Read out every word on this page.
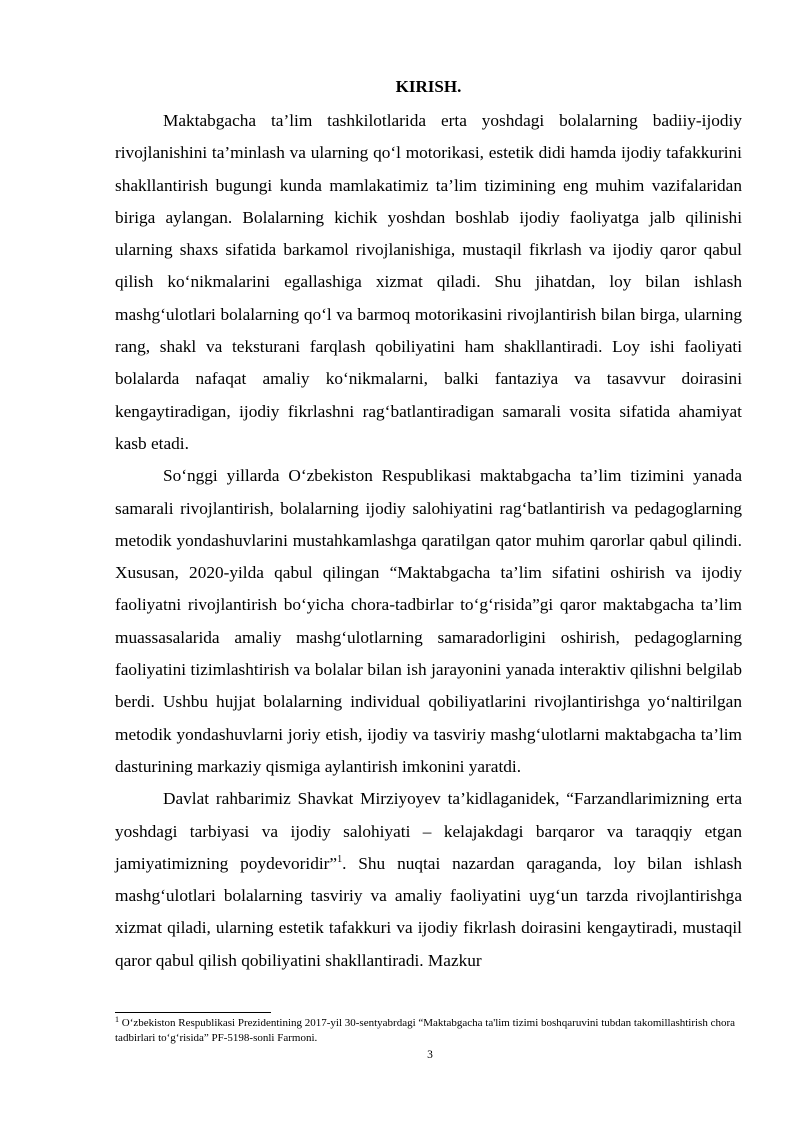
KIRISH.

Maktabgacha ta’lim tashkilotlarida erta yoshdagi bolalarning badiiy-ijodiy rivojlanishini ta’minlash va ularning qo‘l motorikasi, estetik didi hamda ijodiy tafakkurini shakllantirish bugungi kunda mamlakatimiz ta’lim tizimining eng muhim vazifalaridan biriga aylangan. Bolalarning kichik yoshdan boshlab ijodiy faoliyatga jalb qilinishi ularning shaxs sifatida barkamol rivojlanishiga, mustaqil fikrlash va ijodiy qaror qabul qilish ko‘nikmalarini egallashiga xizmat qiladi. Shu jihatdan, loy bilan ishlash mashg‘ulotlari bolalarning qo‘l va barmoq motorikasini rivojlantirish bilan birga, ularning rang, shakl va teksturani farqlash qobiliyatini ham shakllantiradi. Loy ishi faoliyati bolalarda nafaqat amaliy ko‘nikmalarni, balki fantaziya va tasavvur doirasini kengaytiradigan, ijodiy fikrlashni rag‘batlantiradigan samarali vosita sifatida ahamiyat kasb etadi.

So‘nggi yillarda O‘zbekiston Respublikasi maktabgacha ta’lim tizimini yanada samarali rivojlantirish, bolalarning ijodiy salohiyatini rag‘batlantirish va pedagoglarning metodik yondashuvlarini mustahkamlashga qaratilgan qator muhim qarorlar qabul qilindi. Xususan, 2020-yilda qabul qilingan “Maktabgacha ta’lim sifatini oshirish va ijodiy faoliyatni rivojlantirish bo‘yicha chora-tadbirlar to‘g‘risida”gi qaror maktabgacha ta’lim muassasalarida amaliy mashg‘ulotlarning samaradorligini oshirish, pedagoglarning faoliyatini tizimlashtirish va bolalar bilan ish jarayonini yanada interaktiv qilishni belgilab berdi. Ushbu hujjat bolalarning individual qobiliyatlarini rivojlantirishga yo‘naltirilgan metodik yondashuvlarni joriy etish, ijodiy va tasviriy mashg‘ulotlarni maktabgacha ta’lim dasturining markaziy qismiga aylantirish imkonini yaratdi.

Davlat rahbarimiz Shavkat Mirziyoyev ta’kidlaganidek, “Farzandlarimizning erta yoshdagi tarbiyasi va ijodiy salohiyati – kelajakdagi barqaror va taraqqiy etgan jamiyatimizning poydevoridir”$^1$. Shu nuqtai nazardan qaraganda, loy bilan ishlash mashg‘ulotlari bolalarning tasviriy va amaliy faoliyatini uyg‘un tarzda rivojlantirishga xizmat qiladi, ularning estetik tafakkuri va ijodiy fikrlash doirasini kengaytiradi, mustaqil qaror qabul qilish qobiliyatini shakllantiradi. Mazkur

$^1$ O‘zbekiston Respublikasi Prezidentining 2017-yil 30-sentyabrdagi “Maktabgacha ta'lim tizimi boshqaruvini tubdan takomillashtirish chora tadbirlari to‘g‘risida” PF-5198-sonli Farmoni.
3
